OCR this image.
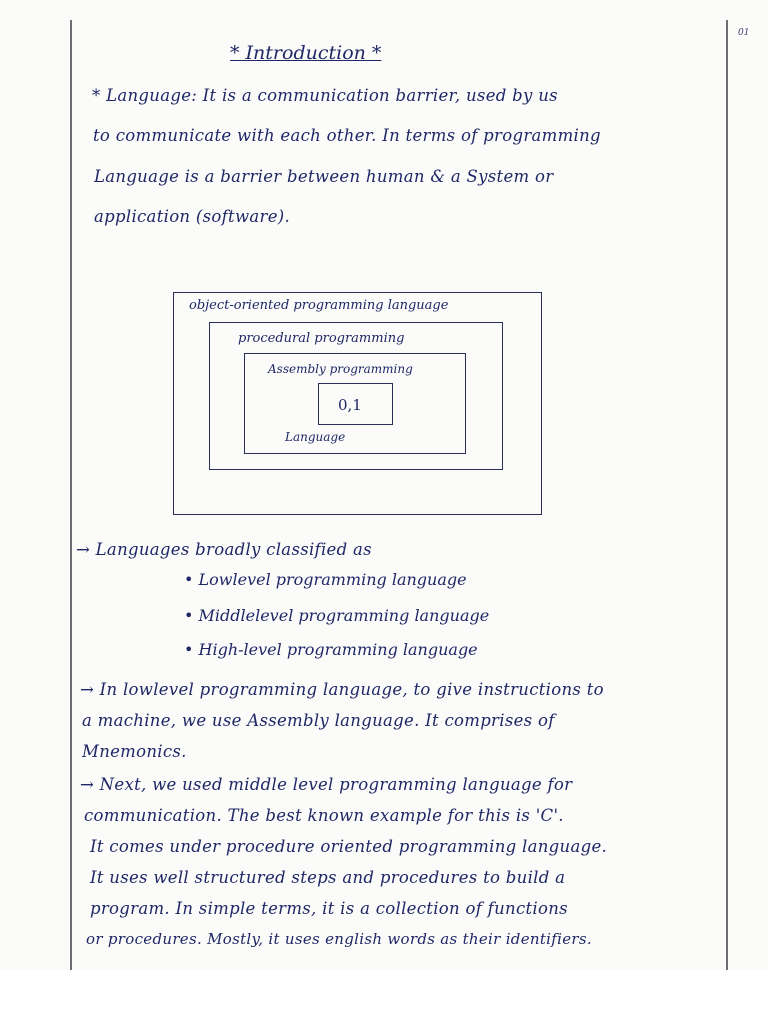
01
* Introduction *
* Language: It is a communication barrier, used by us
to communicate with each other. In terms of programming
Language is a barrier between human & a System or
application (software).
object-oriented programming language
procedural programming
Assembly programming
0,1
Language
→ Languages broadly classified as
• Lowlevel programming language
• Middlelevel programming language
• High-level programming language
→ In lowlevel programming language, to give instructions to
a machine, we use Assembly language. It comprises of
Mnemonics.
→ Next, we used middle level programming language for
communication. The best known example for this is 'C'.
It comes under procedure oriented programming language.
It uses well structured steps and procedures to build a
program. In simple terms, it is a collection of functions
or procedures. Mostly, it uses english words as their identifiers.
